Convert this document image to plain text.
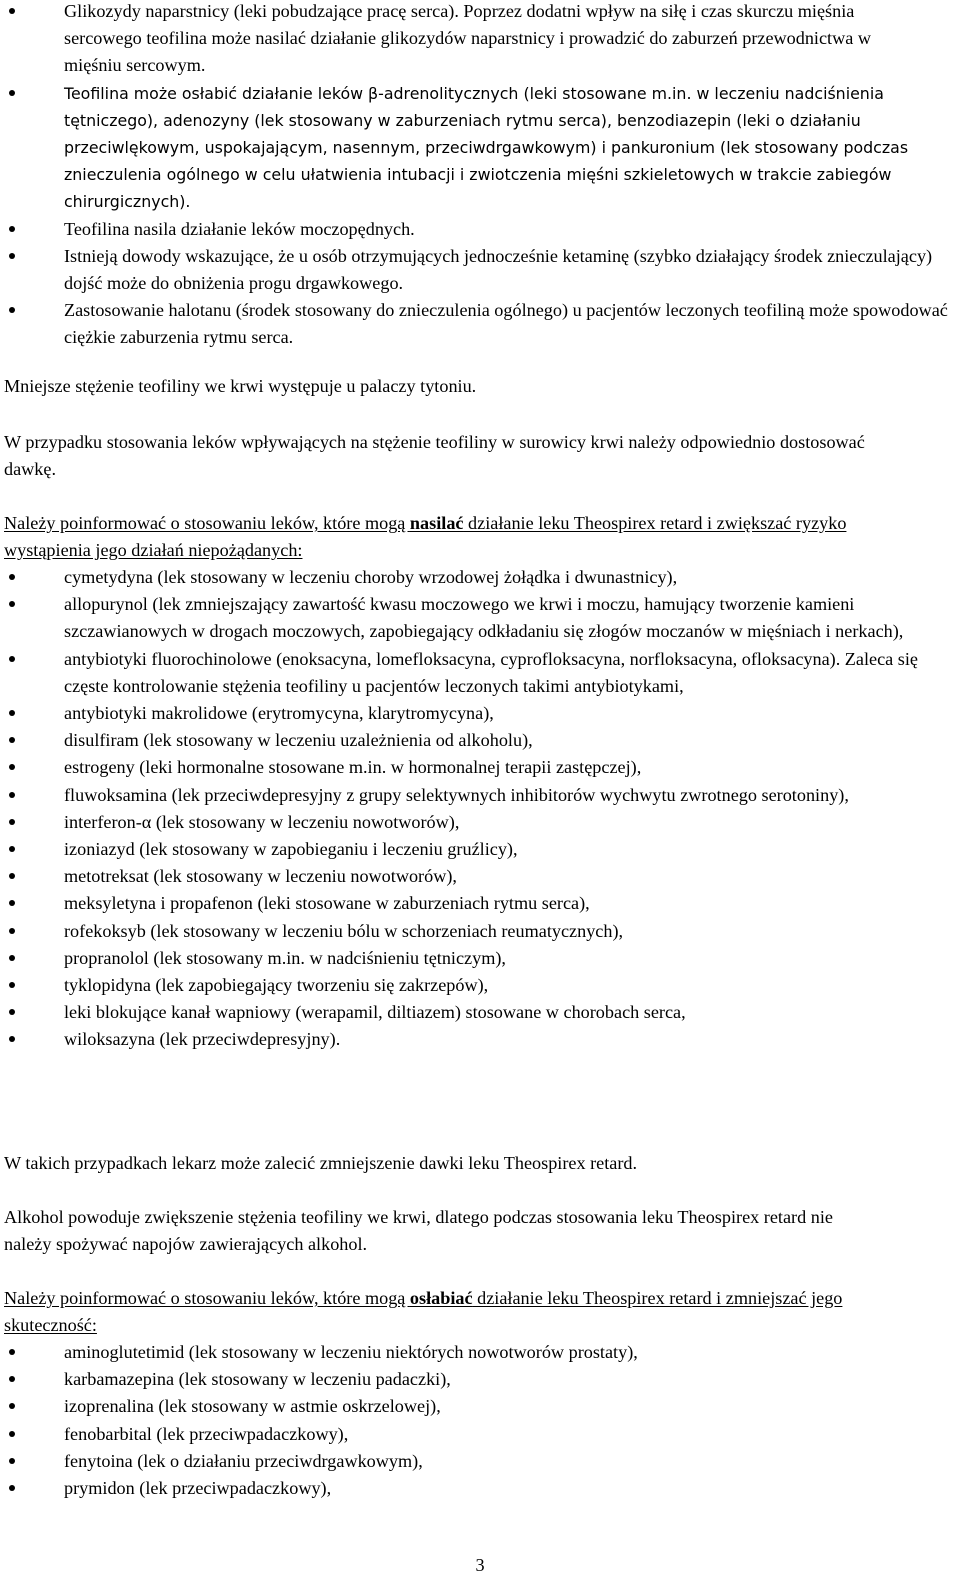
Glikozydy naparstnicy (leki pobudzające pracę serca). Poprzez dodatni wpływ na siłę i czas skurczu mięśnia sercowego teofilina może nasilać działanie glikozydów naparstnicy i prowadzić do zaburzeń przewodnictwa w mięśniu sercowym.
Teofilina może osłabić działanie leków β-adrenolitycznych (leki stosowane m.in. w leczeniu nadciśnienia tętniczego), adenozyny (lek stosowany w zaburzeniach rytmu serca), benzodiazepin (leki o działaniu przeciwlękowym, uspokajającym, nasennym, przeciwdrgawkowym) i pankuronium (lek stosowany podczas znieczulenia ogólnego w celu ułatwienia intubacji i zwiotczenia mięśni szkieletowych w trakcie zabiegów chirurgicznych).
Teofilina nasila działanie leków moczopędnych.
Istnieją dowody wskazujące, że u osób otrzymujących jednocześnie ketaminę (szybko działający środek znieczulający) dojść może do obniżenia progu drgawkowego.
Zastosowanie halotanu (środek stosowany do znieczulenia ogólnego) u pacjentów leczonych teofiliną może spowodować ciężkie zaburzenia rytmu serca.

Mniejsze stężenie teofiliny we krwi występuje u palaczy tytoniu.

W przypadku stosowania leków wpływających na stężenie teofiliny w surowicy krwi należy odpowiednio dostosować dawkę.

Należy poinformować o stosowaniu leków, które mogą nasilać działanie leku Theospirex retard i zwiększać ryzyko wystąpienia jego działań niepożądanych:

cymetydyna (lek stosowany w leczeniu choroby wrzodowej żołądka i dwunastnicy),
allopurynol (lek zmniejszający zawartość kwasu moczowego we krwi i moczu, hamujący tworzenie kamieni szczawianowych w drogach moczowych, zapobiegający odkładaniu się złogów moczanów w mięśniach i nerkach),
antybiotyki fluorochinolowe (enoksacyna, lomefloksacyna, cyprofloksacyna, norfloksacyna, ofloksacyna). Zaleca się częste kontrolowanie stężenia teofiliny u pacjentów leczonych takimi antybiotykami,
antybiotyki makrolidowe (erytromycyna, klarytromycyna),
disulfiram (lek stosowany w leczeniu uzależnienia od alkoholu),
estrogeny (leki hormonalne stosowane m.in. w hormonalnej terapii zastępczej),
fluwoksamina (lek przeciwdepresyjny z grupy selektywnych inhibitorów wychwytu zwrotnego serotoniny),
interferon-α (lek stosowany w leczeniu nowotworów),
izoniazyd (lek stosowany w zapobieganiu i leczeniu gruźlicy),
metotreksat (lek stosowany w leczeniu nowotworów),
meksyletyna i propafenon (leki stosowane w zaburzeniach rytmu serca),
rofekoksyb (lek stosowany w leczeniu bólu w schorzeniach reumatycznych),
propranolol (lek stosowany m.in. w nadciśnieniu tętniczym),
tyklopidyna (lek zapobiegający tworzeniu się zakrzepów),
leki blokujące kanał wapniowy (werapamil, diltiazem) stosowane w chorobach serca,
wiloksazyna (lek przeciwdepresyjny).

W takich przypadkach lekarz może zalecić zmniejszenie dawki leku Theospirex retard.

Alkohol powoduje zwiększenie stężenia teofiliny we krwi, dlatego podczas stosowania leku Theospirex retard nie należy spożywać napojów zawierających alkohol.

Należy poinformować o stosowaniu leków, które mogą osłabiać działanie leku Theospirex retard i zmniejszać jego skuteczność:

aminoglutetimid (lek stosowany w leczeniu niektórych nowotworów prostaty),
karbamazepina (lek stosowany w leczeniu padaczki),
izoprenalina (lek stosowany w astmie oskrzelowej),
fenobarbital (lek przeciwpadaczkowy),
fenytoina (lek o działaniu przeciwdrgawkowym),
prymidon (lek przeciwpadaczkowy),
3
